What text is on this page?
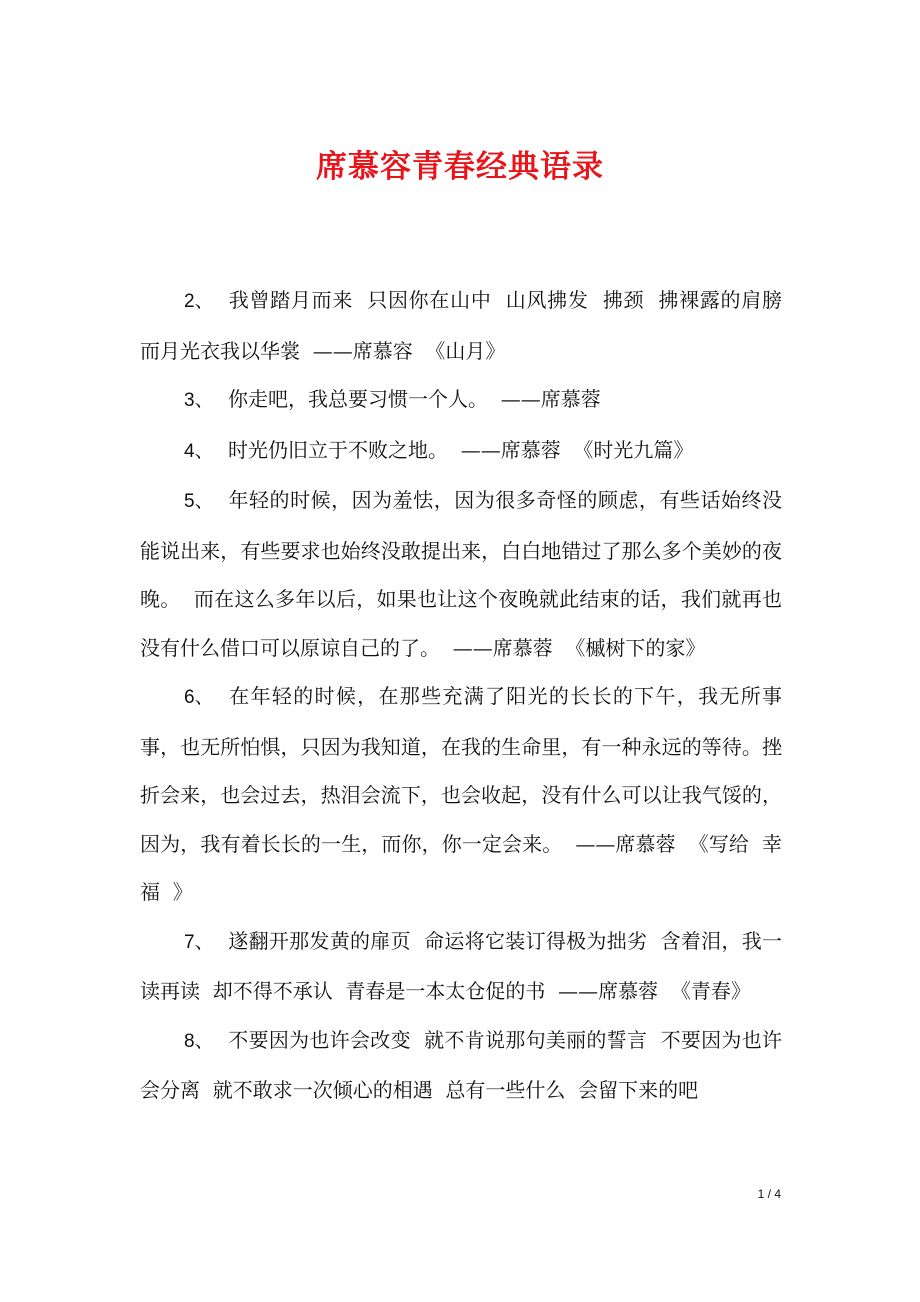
席慕容青春经典语录

2、 我曾踏月而来  只因你在山中  山风拂发  拂颈  拂裸露的肩膀  而月光衣我以华裳  ——席慕容  《山月》

3、 你走吧，我总要习惯一个人。  ——席慕蓉

4、 时光仍旧立于不败之地。  ——席慕蓉  《时光九篇》

5、 年轻的时候，因为羞怯，因为很多奇怪的顾虑，有些话始终没能说出来，有些要求也始终没敢提出来，白白地错过了那么多个美妙的夜晚。  而在这么多年以后，如果也让这个夜晚就此结束的话，我们就再也没有什么借口可以原谅自己的了。  ——席慕蓉  《槭树下的家》

6、 在年轻的时候，在那些充满了阳光的长长的下午，我无所事事，也无所怕惧，只因为我知道，在我的生命里，有一种永远的等待。挫折会来，也会过去，热泪会流下，也会收起，没有什么可以让我气馁的，因为，我有着长长的一生，而你，你一定会来。  ——席慕蓉  《写给  幸福  》

7、 遂翻开那发黄的扉页  命运将它装订得极为拙劣  含着泪，我一读再读  却不得不承认  青春是一本太仓促的书  ——席慕蓉  《青春》

8、 不要因为也许会改变  就不肯说那句美丽的誓言  不要因为也许会分离  就不敢求一次倾心的相遇  总有一些什么  会留下来的吧

1 / 4
